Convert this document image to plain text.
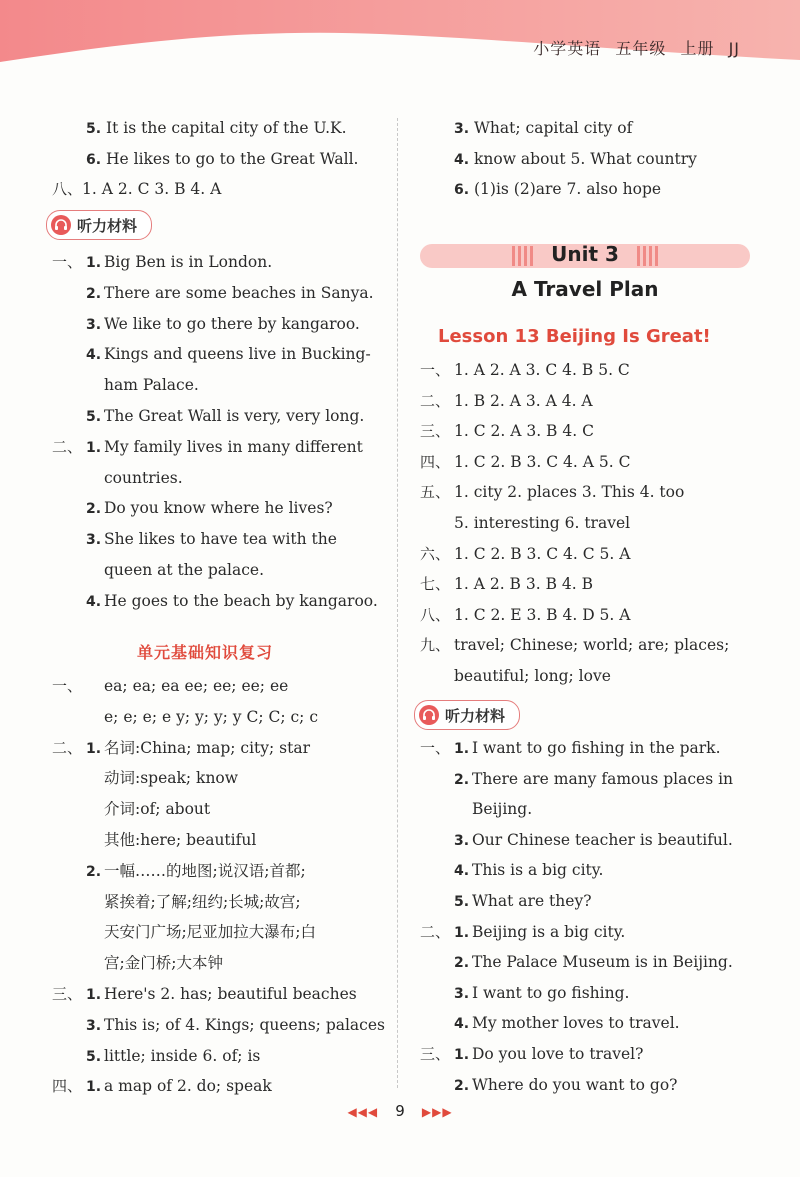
小学英语 五年级 上册 JJ
5. It is the capital city of the U.K.
6. He likes to go to the Great Wall.
八、1. A 2. C 3. B 4. A
听力材料
一、 1. Big Ben is in London.
2. There are some beaches in Sanya.
3. We like to go there by kangaroo.
4. Kings and queens live in Bucking-
ham Palace.
5. The Great Wall is very, very long.
二、 1. My family lives in many different
countries.
2. Do you know where he lives?
3. She likes to have tea with the
queen at the palace.
4. He goes to the beach by kangaroo.
单元基础知识复习
一、 ea; ea; ea ee; ee; ee; ee
e; e; e; e y; y; y; y C; C; c; c
二、 1. 名词:China; map; city; star
动词:speak; know
介词:of; about
其他:here; beautiful
2. 一幅……的地图;说汉语;首都;
紧挨着;了解;纽约;长城;故宫;
天安门广场;尼亚加拉大瀑布;白
宫;金门桥;大本钟
三、 1. Here's 2. has; beautiful beaches
3. This is; of 4. Kings; queens; palaces
5. little; inside 6. of; is
四、 1. a map of 2. do; speak
3. What; capital city of
4. know about 5. What country
6. (1)is (2)are 7. also hope
Unit 3
A Travel Plan
Lesson 13 Beijing Is Great!
一、 1. A 2. A 3. C 4. B 5. C
二、 1. B 2. A 3. A 4. A
三、 1. C 2. A 3. B 4. C
四、 1. C 2. B 3. C 4. A 5. C
五、 1. city 2. places 3. This 4. too
5. interesting 6. travel
六、 1. C 2. B 3. C 4. C 5. A
七、 1. A 2. B 3. B 4. B
八、 1. C 2. E 3. B 4. D 5. A
九、 travel; Chinese; world; are; places;
beautiful; long; love
听力材料
一、 1. I want to go fishing in the park.
2. There are many famous places in
Beijing.
3. Our Chinese teacher is beautiful.
4. This is a big city.
5. What are they?
二、 1. Beijing is a big city.
2. The Palace Museum is in Beijing.
3. I want to go fishing.
4. My mother loves to travel.
三、 1. Do you love to travel?
2. Where do you want to go?
◀◀◀ 9 ▶▶▶
